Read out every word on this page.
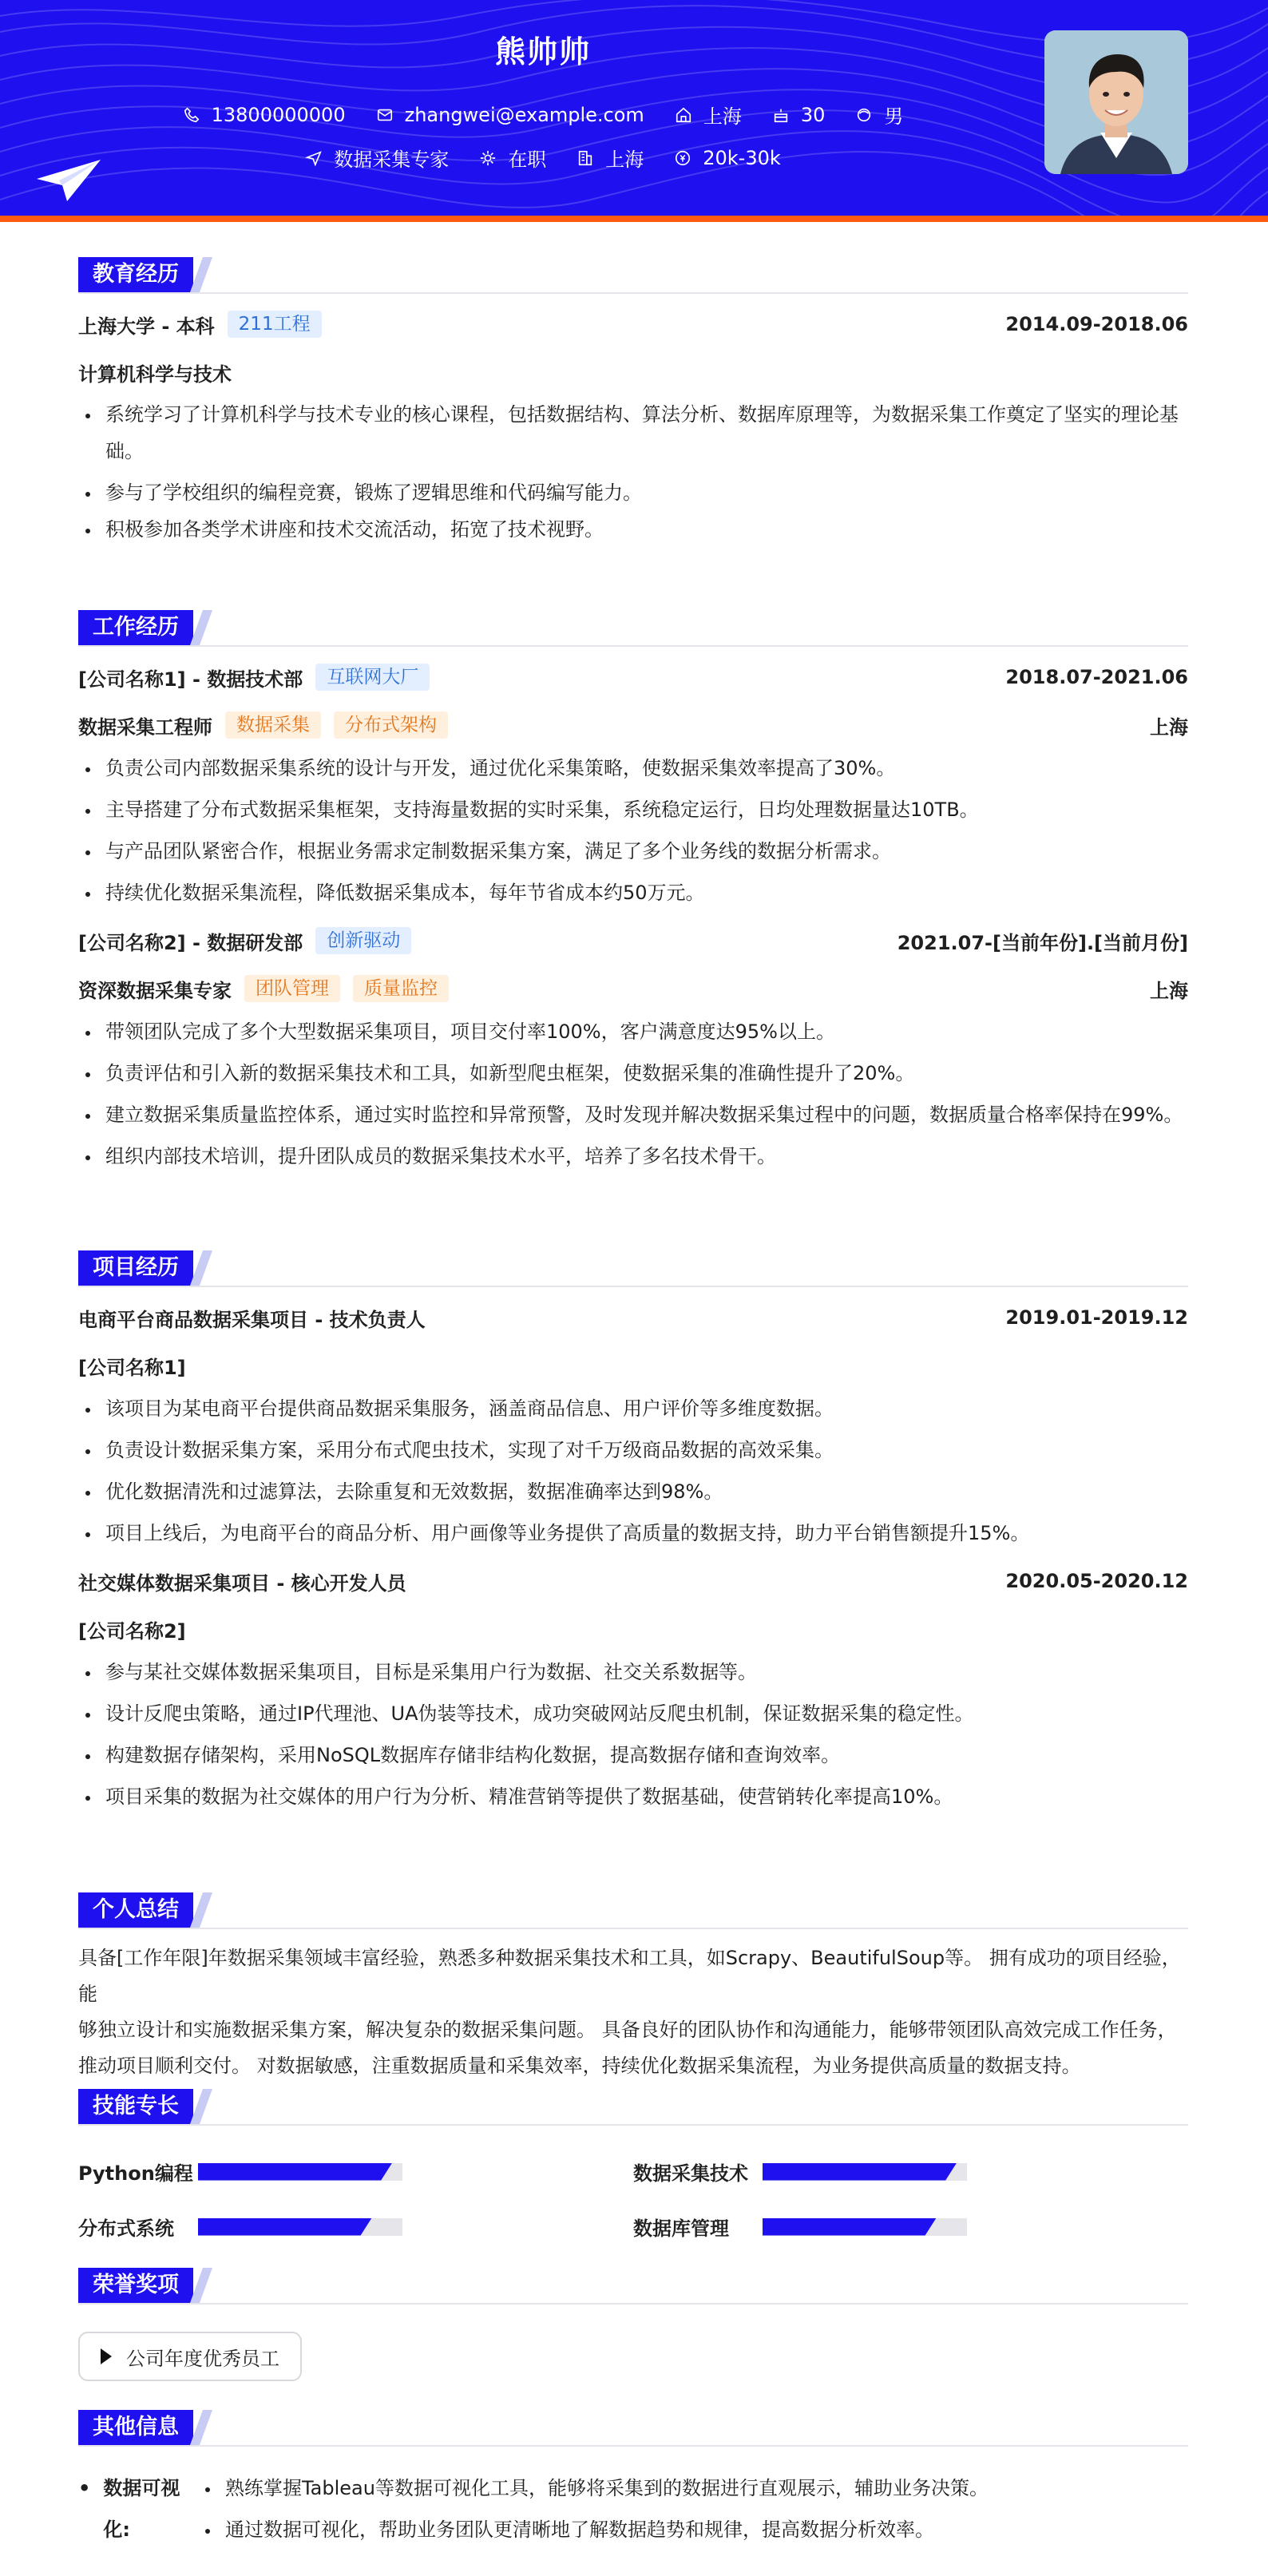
熊帅帅
13800000000	zhangwei@example.com	上海	30	男
数据采集专家	在职	上海	20k-30k
教育经历
上海大学 - 本科	211工程	2014.09-2018.06
计算机科学与技术
• 系统学习了计算机科学与技术专业的核心课程，包括数据结构、算法分析、数据库原理等，为数据采集工作奠定了坚实的理论基
础。
• 参与了学校组织的编程竞赛，锻炼了逻辑思维和代码编写能力。
• 积极参加各类学术讲座和技术交流活动，拓宽了技术视野。
工作经历
[公司名称1] - 数据技术部	互联网大厂	2018.07-2021.06
数据采集工程师	数据采集	分布式架构	上海
• 负责公司内部数据采集系统的设计与开发，通过优化采集策略，使数据采集效率提高了30%。
• 主导搭建了分布式数据采集框架，支持海量数据的实时采集，系统稳定运行，日均处理数据量达10TB。
• 与产品团队紧密合作，根据业务需求定制数据采集方案，满足了多个业务线的数据分析需求。
• 持续优化数据采集流程，降低数据采集成本，每年节省成本约50万元。
[公司名称2] - 数据研发部	创新驱动	2021.07-[当前年份].[当前月份]
资深数据采集专家	团队管理	质量监控	上海
• 带领团队完成了多个大型数据采集项目，项目交付率100%，客户满意度达95%以上。
• 负责评估和引入新的数据采集技术和工具，如新型爬虫框架，使数据采集的准确性提升了20%。
• 建立数据采集质量监控体系，通过实时监控和异常预警，及时发现并解决数据采集过程中的问题，数据质量合格率保持在99%。
• 组织内部技术培训，提升团队成员的数据采集技术水平，培养了多名技术骨干。
项目经历
电商平台商品数据采集项目 - 技术负责人	2019.01-2019.12
[公司名称1]
• 该项目为某电商平台提供商品数据采集服务，涵盖商品信息、用户评价等多维度数据。
• 负责设计数据采集方案，采用分布式爬虫技术，实现了对千万级商品数据的高效采集。
• 优化数据清洗和过滤算法，去除重复和无效数据，数据准确率达到98%。
• 项目上线后，为电商平台的商品分析、用户画像等业务提供了高质量的数据支持，助力平台销售额提升15%。
社交媒体数据采集项目 - 核心开发人员	2020.05-2020.12
[公司名称2]
• 参与某社交媒体数据采集项目，目标是采集用户行为数据、社交关系数据等。
• 设计反爬虫策略，通过IP代理池、UA伪装等技术，成功突破网站反爬虫机制，保证数据采集的稳定性。
• 构建数据存储架构，采用NoSQL数据库存储非结构化数据，提高数据存储和查询效率。
• 项目采集的数据为社交媒体的用户行为分析、精准营销等提供了数据基础，使营销转化率提高10%。
个人总结
具备[工作年限]年数据采集领域丰富经验，熟悉多种数据采集技术和工具，如Scrapy、BeautifulSoup等。 拥有成功的项目经验，能
够独立设计和实施数据采集方案，解决复杂的数据采集问题。 具备良好的团队协作和沟通能力，能够带领团队高效完成工作任务，
推动项目顺利交付。 对数据敏感，注重数据质量和采集效率，持续优化数据采集流程，为业务提供高质量的数据支持。
技能专长
Python编程	数据采集技术
分布式系统	数据库管理
荣誉奖项
公司年度优秀员工
其他信息
• 数据可视化:
• 熟练掌握Tableau等数据可视化工具，能够将采集到的数据进行直观展示，辅助业务决策。
• 通过数据可视化，帮助业务团队更清晰地了解数据趋势和规律，提高数据分析效率。
